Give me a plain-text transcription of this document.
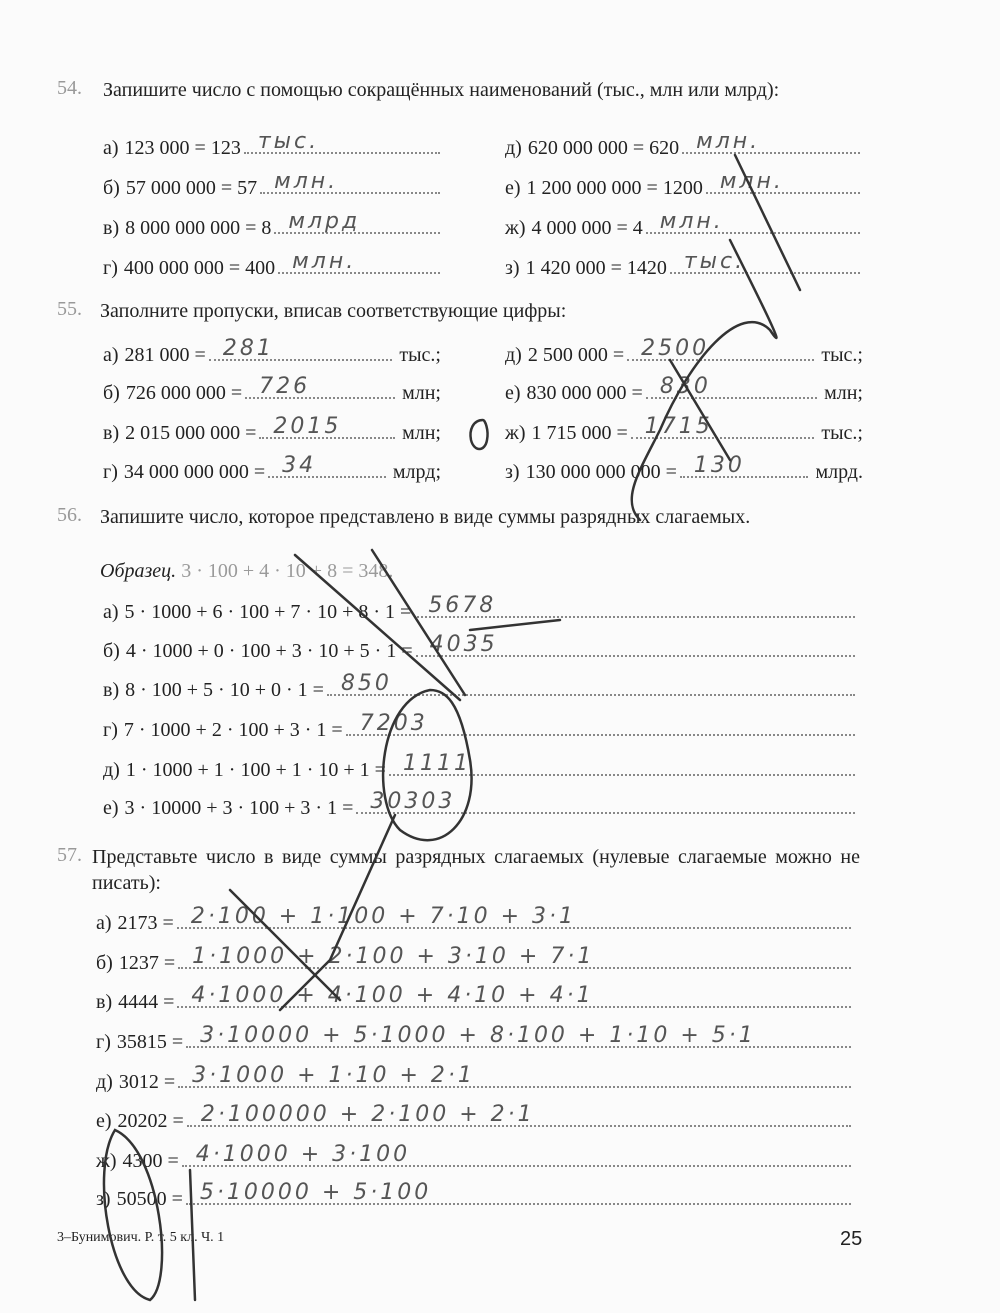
54. Запишите число с помощью сокращённых наименований (тыс., млн или млрд):
55. Заполните пропуски, вписав соответствующие цифры:
56. Запишите число, которое представлено в виде суммы разрядных слагаемых.
Образец. 3 · 100 + 4 · 10 + 8 = 348.
57. Представьте число в виде суммы разрядных слагаемых (нулевые слагаемые можно не писать):
а) 123 000 = 123 тыс.
б) 57 000 000 = 57 млн.
в) 8 000 000 000 = 8 млрд
г) 400 000 000 = 400 млн.
д) 620 000 000 = 620 млн.
е) 1 200 000 000 = 1200 млн.
ж) 4 000 000 = 4 млн.
з) 1 420 000 = 1420 тыс.
а) 281 000 = 281	тыс.;
б) 726 000 000 = 726	млн;
в) 2 015 000 000 = 2015	млн;
г) 34 000 000 000 = 34	млрд;
д) 2 500 000 = 2500	тыс.;
е) 830 000 000 = 830	млн;
ж) 1 715 000 = 1715	тыс.;
з) 130 000 000 000 = 130	млрд.
а) 5 · 1000 + 6 · 100 + 7 · 10 + 8 · 1 = 5678
б) 4 · 1000 + 0 · 100 + 3 · 10 + 5 · 1 = 4035
в) 8 · 100 + 5 · 10 + 0 · 1 = 850
г) 7 · 1000 + 2 · 100 + 3 · 1 = 7203
д) 1 · 1000 + 1 · 100 + 1 · 10 + 1 = 1111
е) 3 · 10000 + 3 · 100 + 3 · 1 = 30303
а) 2173 = 2·100 + 1·100 + 7·10 + 3·1
б) 1237 = 1·1000 + 2·100 + 3·10 + 7·1
в) 4444 = 4·1000 + 4·100 + 4·10 + 4·1
г) 35815 = 3·10000 + 5·1000 + 8·100 + 1·10 + 5·1
д) 3012 = 3·1000 + 1·10 + 2·1
е) 20202 = 2·100000 + 2·100 + 2·1
ж) 4300 = 4·1000 + 3·100
з) 50500 = 5·10000 + 5·100
3–Бунимович. Р. т. 5 кл. Ч. 1	25
